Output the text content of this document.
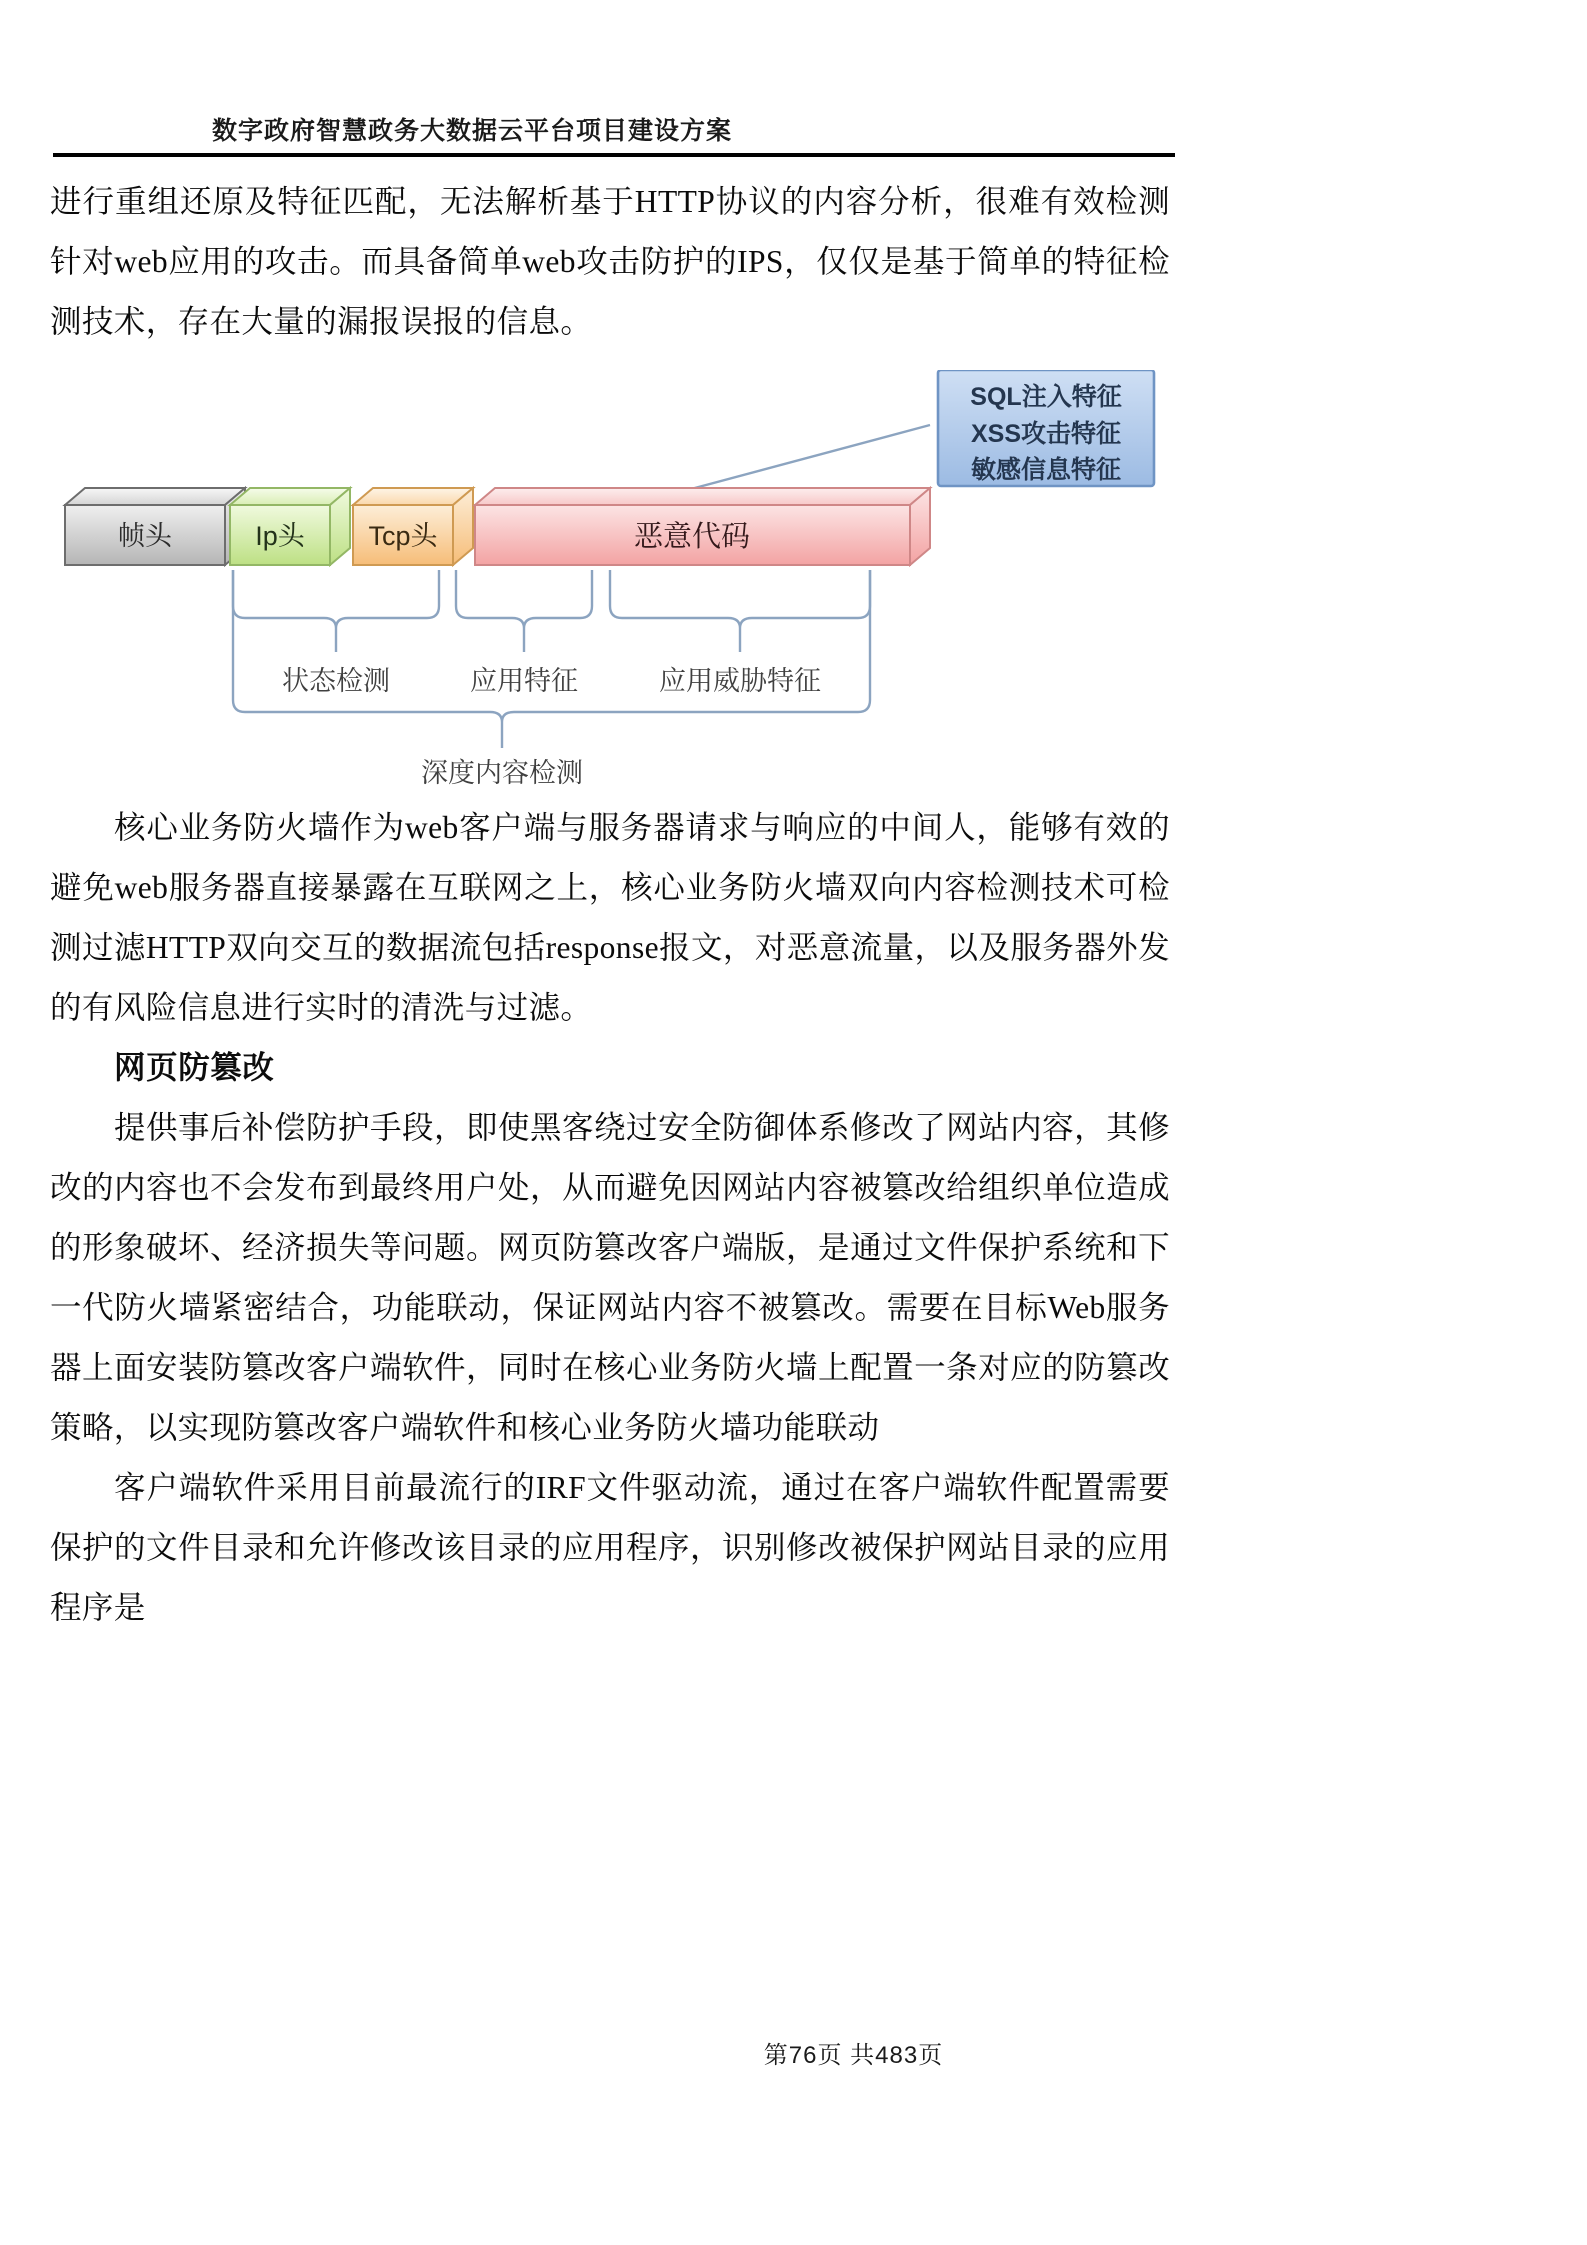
数字政府智慧政务大数据云平台项目建设方案

进行重组还原及特征匹配，无法解析基于HTTP协议的内容分析，很难有效检测针对web应用的攻击。而具备简单web攻击防护的IPS，仅仅是基于简单的特征检测技术，存在大量的漏报误报的信息。

SQL注入特征
XSS攻击特征
敏感信息特征
帧头	Ip头 Tcp头	恶意代码
状态检测	应用特征	应用威胁特征
深度内容检测

核心业务防火墙作为web客户端与服务器请求与响应的中间人，能够有效的避免web服务器直接暴露在互联网之上，核心业务防火墙双向内容检测技术可检测过滤HTTP双向交互的数据流包括response报文，对恶意流量，以及服务器外发的有风险信息进行实时的清洗与过滤。

网页防篡改

提供事后补偿防护手段，即使黑客绕过安全防御体系修改了网站内容，其修改的内容也不会发布到最终用户处，从而避免因网站内容被篡改给组织单位造成的形象破坏、经济损失等问题。网页防篡改客户端版，是通过文件保护系统和下一代防火墙紧密结合，功能联动，保证网站内容不被篡改。需要在目标Web服务器上面安装防篡改客户端软件，同时在核心业务防火墙上配置一条对应的防篡改策略，以实现防篡改客户端软件和核心业务防火墙功能联动

客户端软件采用目前最流行的IRF文件驱动流，通过在客户端软件配置需要保护的文件目录和允许修改该目录的应用程序，识别修改被保护网站目录的应用程序是

第76页 共483页
